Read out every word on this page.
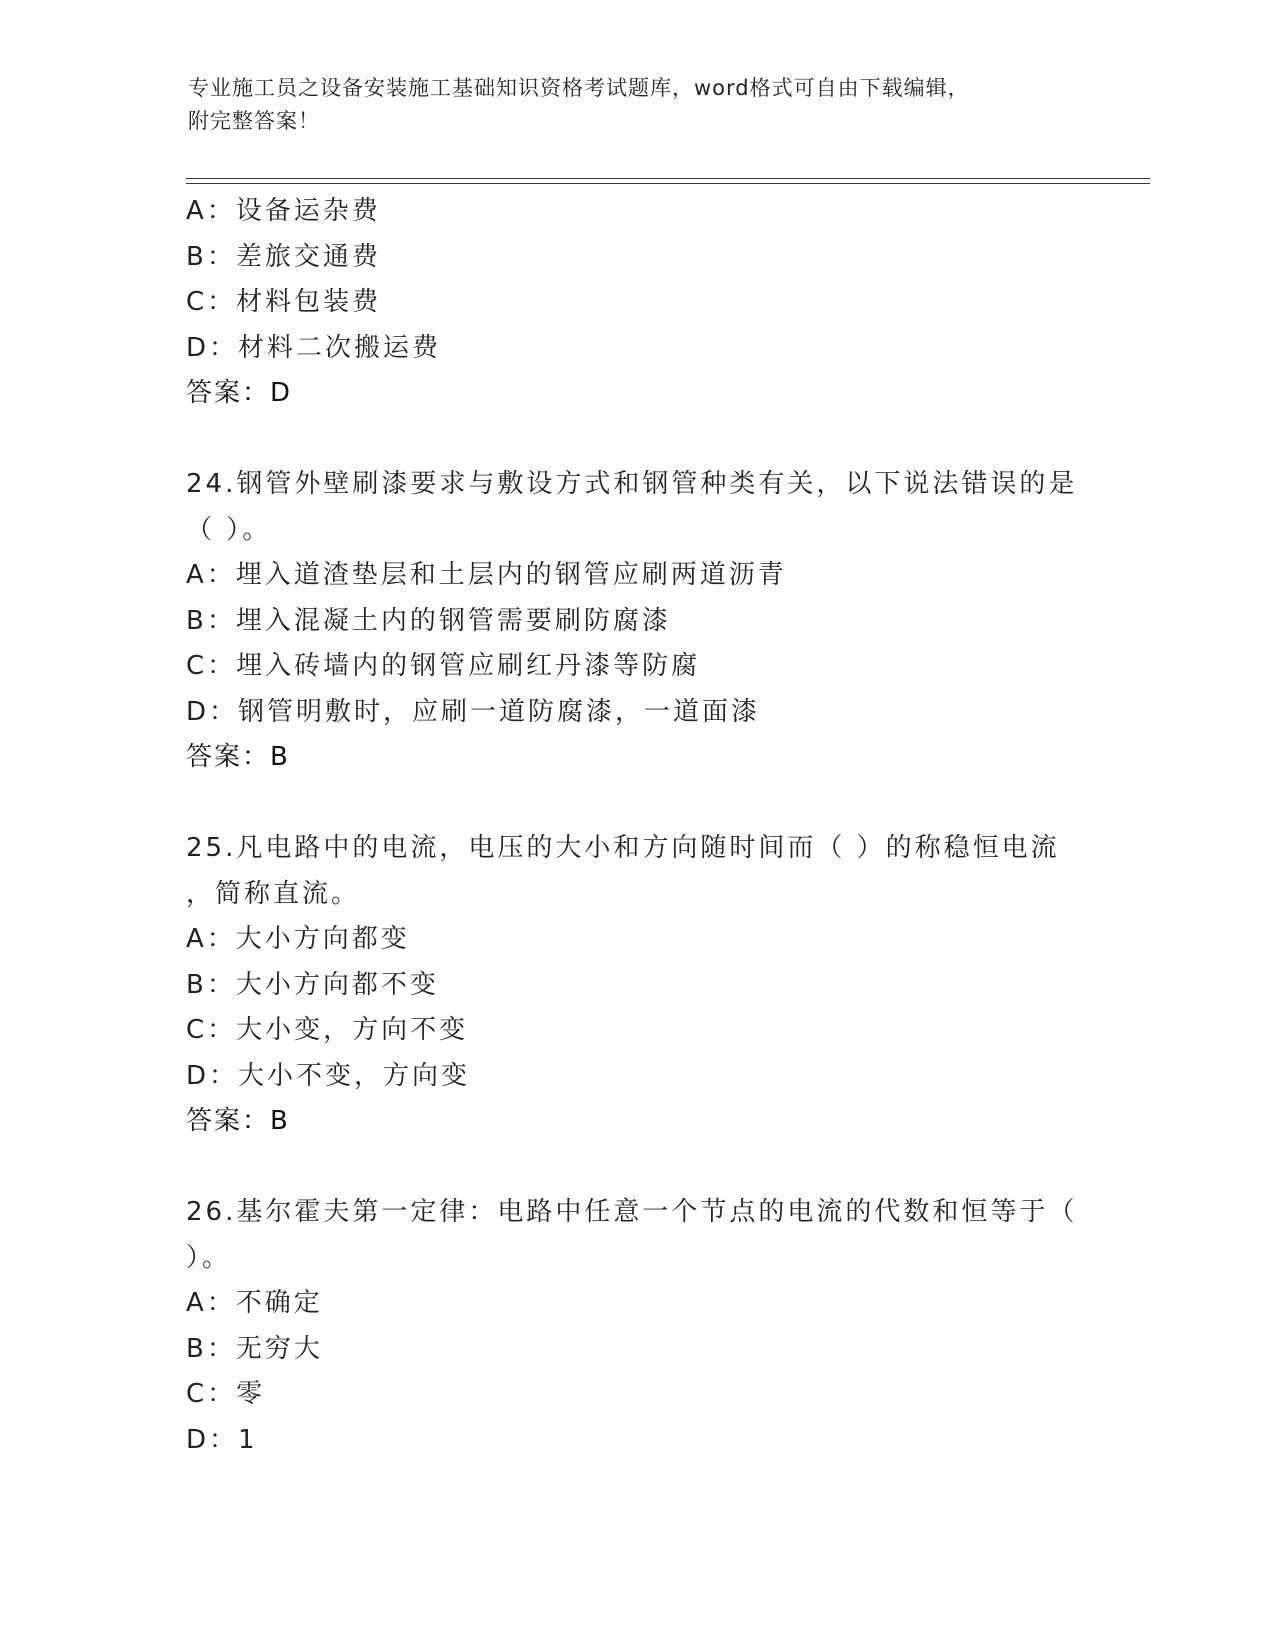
专业施工员之设备安装施工基础知识资格考试题库，word格式可自由下载编辑，
附完整答案！
A：设备运杂费
B：差旅交通费
C：材料包装费
D：材料二次搬运费
答案：D
24.钢管外壁刷漆要求与敷设方式和钢管种类有关，以下说法错误的是
（ ）。
A：埋入道渣垫层和土层内的钢管应刷两道沥青
B：埋入混凝土内的钢管需要刷防腐漆
C：埋入砖墙内的钢管应刷红丹漆等防腐
D：钢管明敷时，应刷一道防腐漆，一道面漆
答案：B
25.凡电路中的电流，电压的大小和方向随时间而（ ）的称稳恒电流
，简称直流。
A：大小方向都变
B：大小方向都不变
C：大小变，方向不变
D：大小不变，方向变
答案：B
26.基尔霍夫第一定律：电路中任意一个节点的电流的代数和恒等于（
）。
A：不确定
B：无穷大
C：零
D：1
